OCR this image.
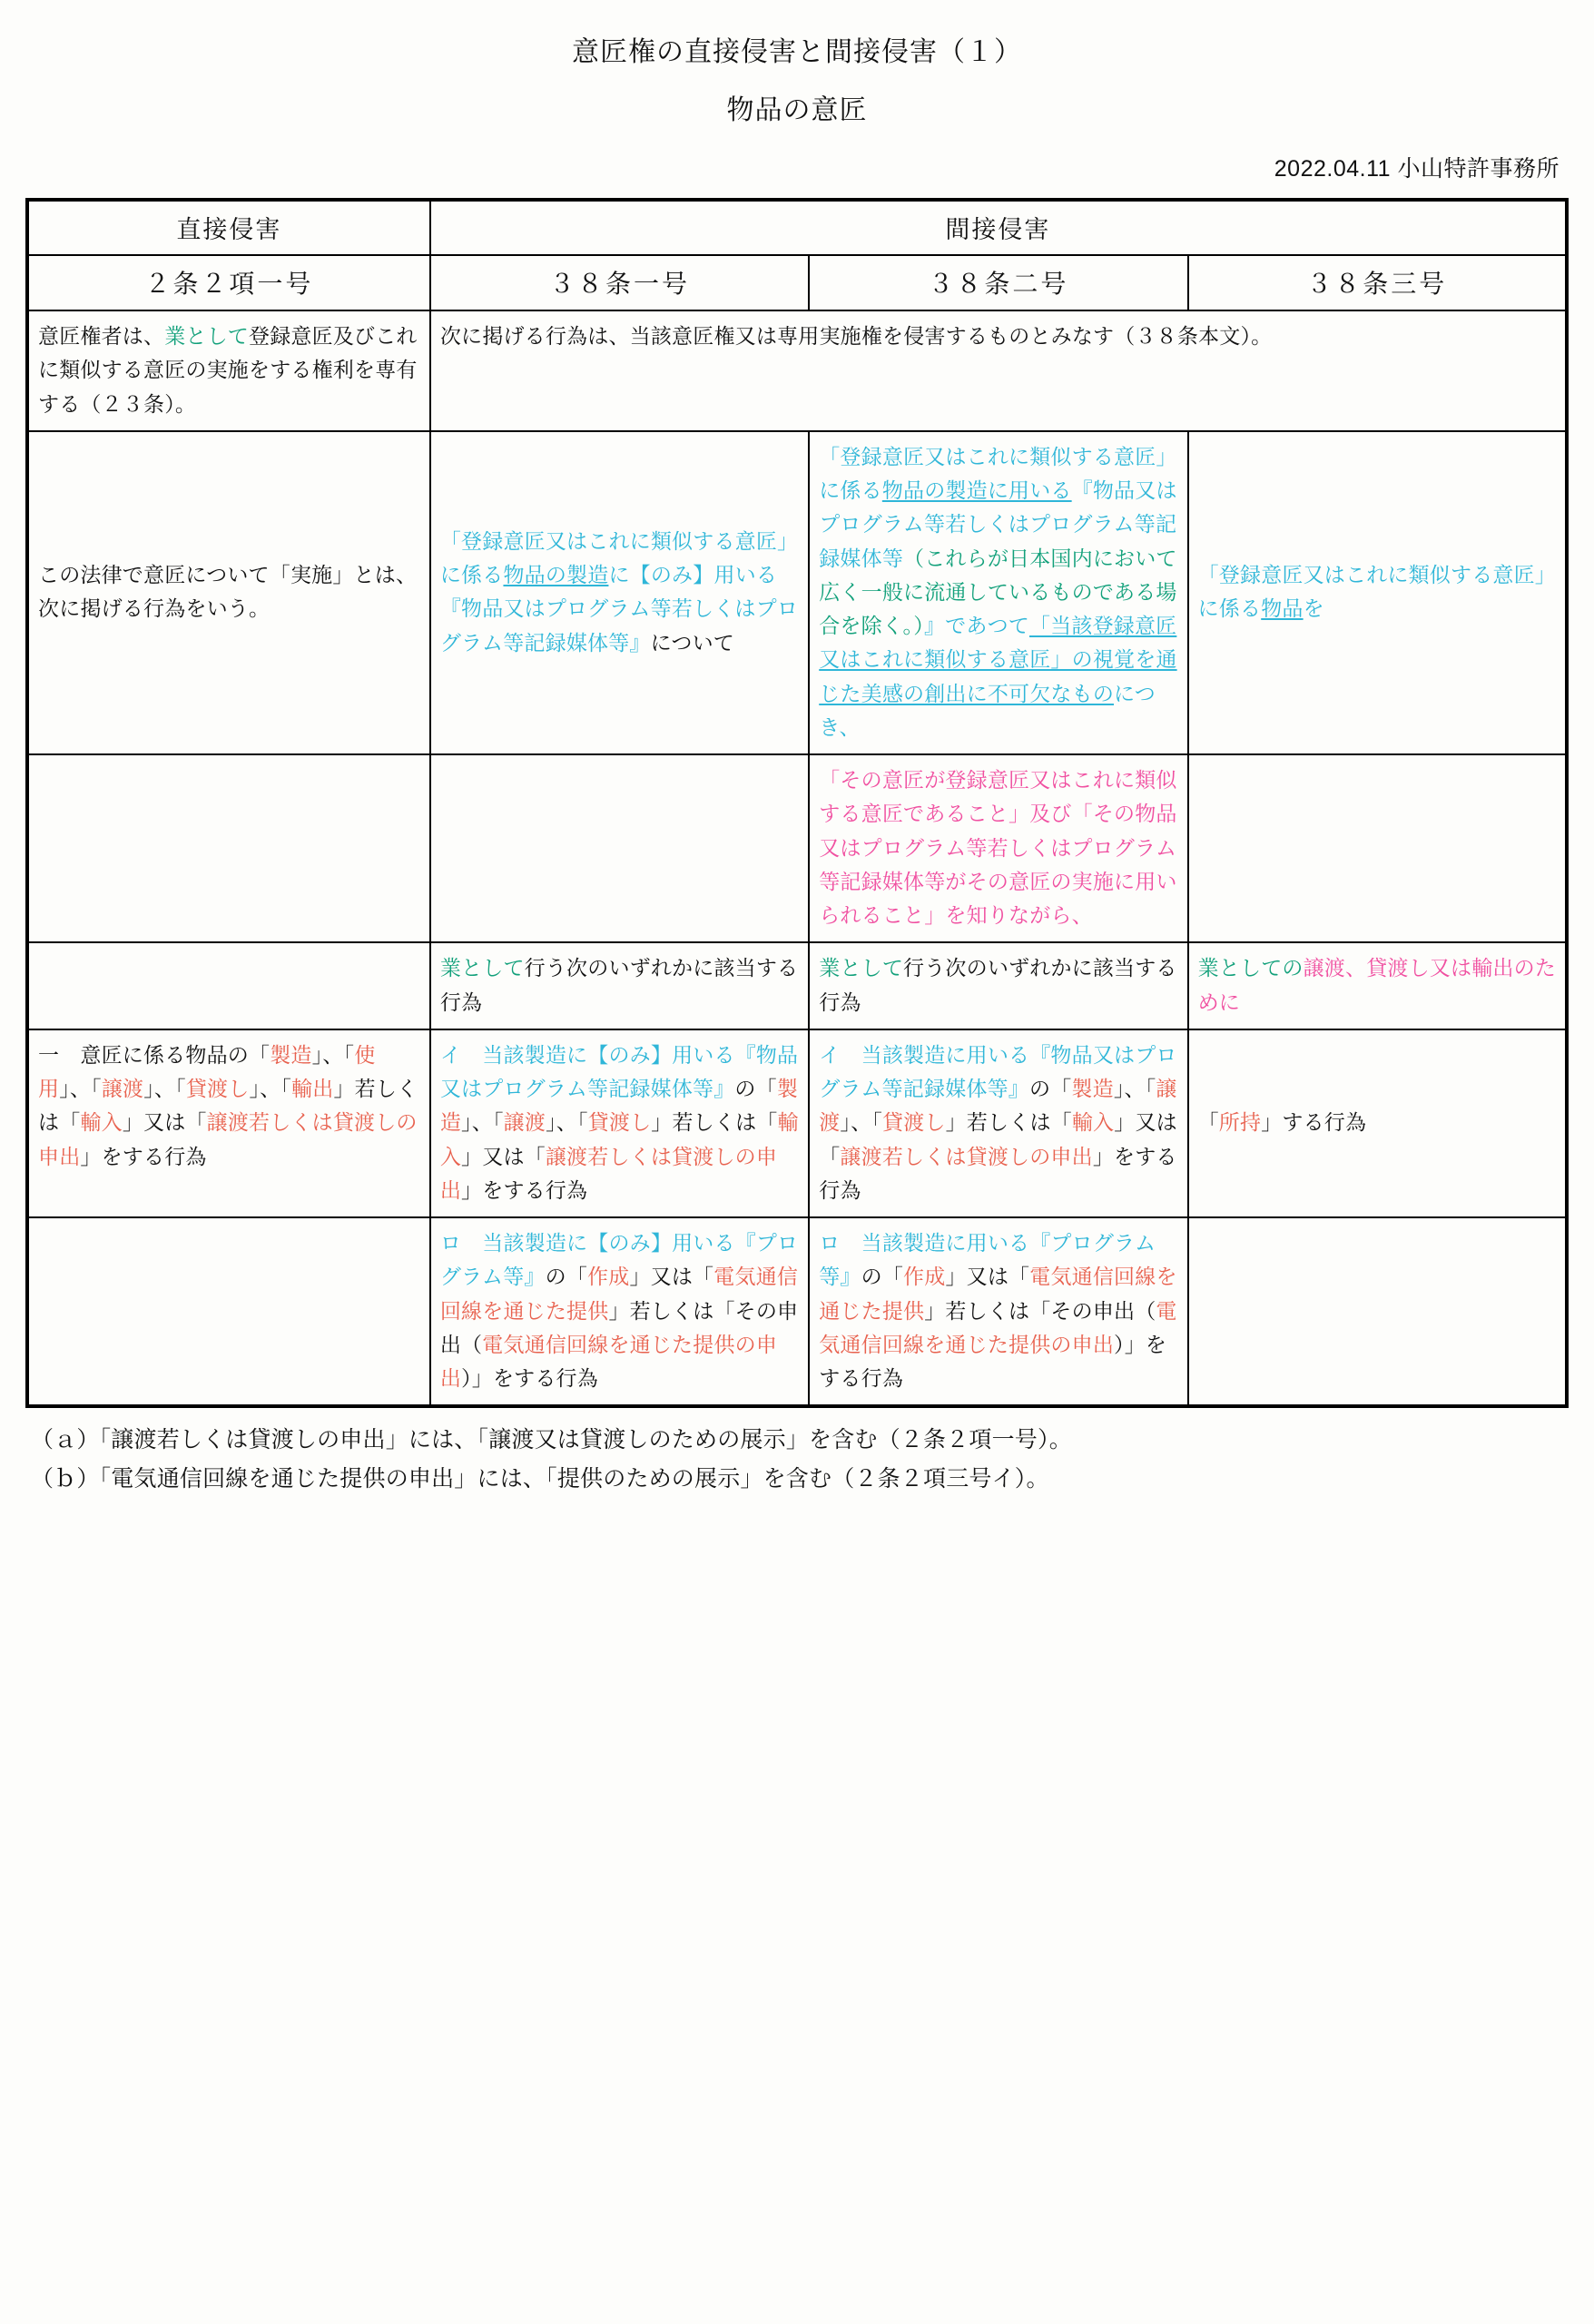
意匠権の直接侵害と間接侵害（１）
物品の意匠
2022.04.11 小山特許事務所
直接侵害	間接侵害		
２条２項一号	３８条一号	３８条二号	３８条三号
意匠権者は、業として登録意匠及びこれに類似する意匠の実施をする権利を専有する（２３条）。	次に掲げる行為は、当該意匠権又は専用実施権を侵害するものとみなす（３８条本文）。		
この法律で意匠について「実施」とは、次に掲げる行為をいう。	「登録意匠又はこれに類似する意匠」に係る物品の製造に【のみ】用いる『物品又はプログラム等若しくはプログラム等記録媒体等』について	「登録意匠又はこれに類似する意匠」に係る物品の製造に用いる『物品又はプログラム等若しくはプログラム等記録媒体等（これらが日本国内において広く一般に流通しているものである場合を除く。）』であつて「当該登録意匠又はこれに類似する意匠」の視覚を通じた美感の創出に不可欠なものにつき、	「登録意匠又はこれに類似する意匠」に係る物品を
		「その意匠が登録意匠又はこれに類似する意匠であること」及び「その物品又はプログラム等若しくはプログラム等記録媒体等がその意匠の実施に用いられること」を知りながら、	
	業として行う次のいずれかに該当する行為	業として行う次のいずれかに該当する行為	業としての譲渡、貸渡し又は輸出のために
一　意匠に係る物品の「製造」、「使用」、「譲渡」、「貸渡し」、「輸出」若しくは「輸入」又は「譲渡若しくは貸渡しの申出」をする行為	イ　当該製造に【のみ】用いる『物品又はプログラム等記録媒体等』の「製造」、「譲渡」、「貸渡し」若しくは「輸入」又は「譲渡若しくは貸渡しの申出」をする行為	イ　当該製造に用いる『物品又はプログラム等記録媒体等』の「製造」、「譲渡」、「貸渡し」若しくは「輸入」又は「譲渡若しくは貸渡しの申出」をする行為	「所持」する行為
	ロ　当該製造に【のみ】用いる『プログラム等』の「作成」又は「電気通信回線を通じた提供」若しくは「その申出（電気通信回線を通じた提供の申出）」をする行為	ロ　当該製造に用いる『プログラム等』の「作成」又は「電気通信回線を通じた提供」若しくは「その申出（電気通信回線を通じた提供の申出）」をする行為	
（ａ）「譲渡若しくは貸渡しの申出」には、「譲渡又は貸渡しのための展示」を含む（２条２項一号）。
（ｂ）「電気通信回線を通じた提供の申出」には、「提供のための展示」を含む（２条２項三号イ）。
